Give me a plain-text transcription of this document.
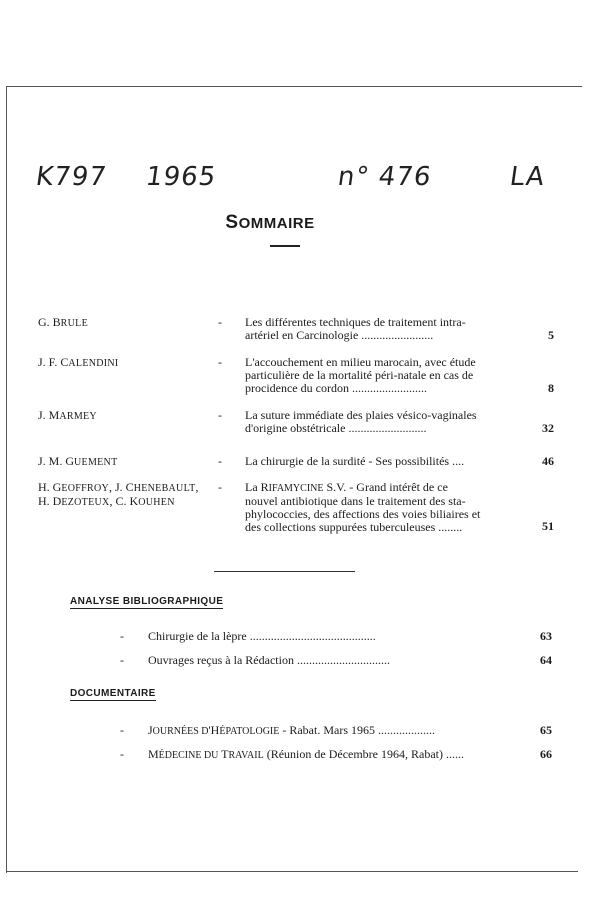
K797 1965	n° 476	LA
SOMMAIRE
G. BRULE	- Les différentes techniques de traitement intra-
artériel en Carcinologie ........................	5
J. F. CALENDINI	- L'accouchement en milieu marocain, avec étude
particulière de la mortalité péri-natale en cas de
procidence du cordon .........................	8
J. MARMEY	- La suture immédiate des plaies vésico-vaginales
d'origine obstétricale ..........................	32
J. M. GUEMENT	- La chirurgie de la surdité - Ses possibilités ....	46
H. GEOFFROY, J. CHENEBAULT,
H. DEZOTEUX, C. KOUHEN
- La RIFAMYCINE S.V. - Grand intérêt de ce
nouvel antibiotique dans le traitement des sta-
phylococcies, des affections des voies biliaires et
des collections suppurées tuberculeuses ........	51
ANALYSE BIBLIOGRAPHIQUE
- Chirurgie de la lèpre ..........................................	63
- Ouvrages reçus à la Rédaction ...............................	64
DOCUMENTAIRE
- JOURNÉES D'HÉPATOLOGIE - Rabat. Mars 1965 ...................	65
- MÉDECINE DU TRAVAIL (Réunion de Décembre 1964, Rabat) ......	66
